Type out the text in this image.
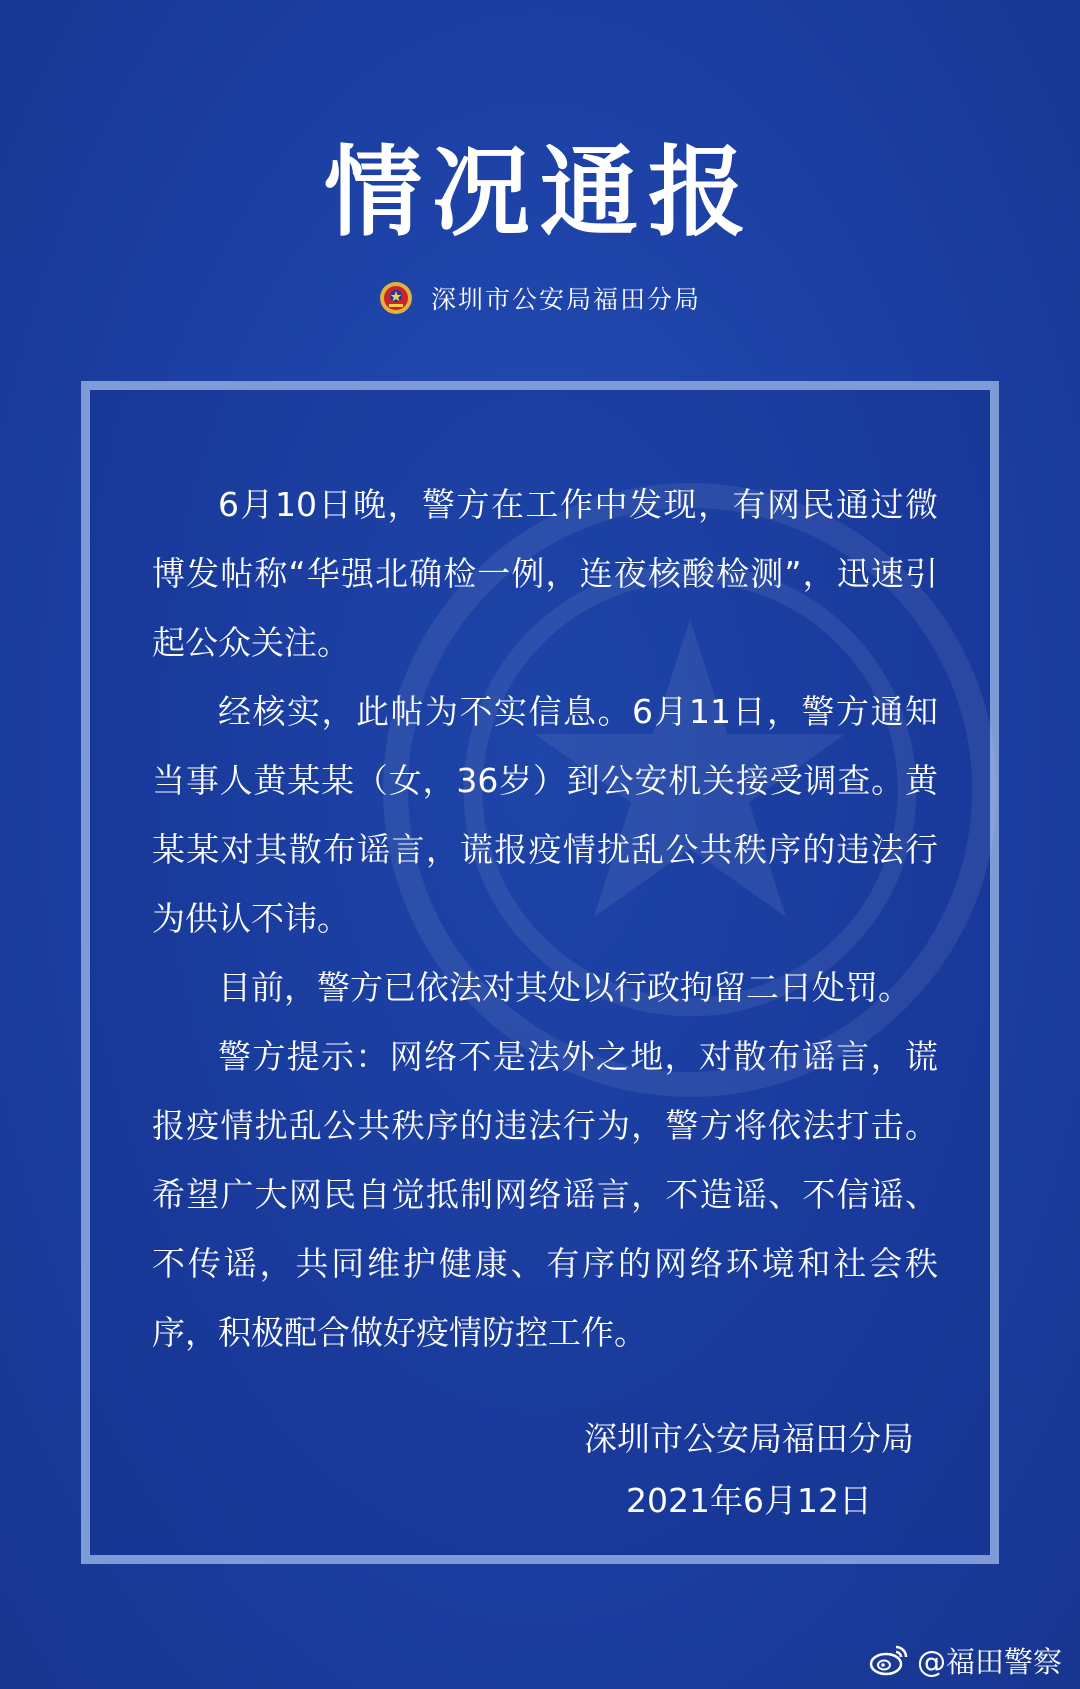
情况通报
深圳市公安局福田分局

6月10日晚，警方在工作中发现，有网民通过微博发帖称“华强北确检一例，连夜核酸检测”，迅速引起公众关注。

经核实，此帖为不实信息。6月11日，警方通知当事人黄某某（女，36岁）到公安机关接受调查。黄某某对其散布谣言，谎报疫情扰乱公共秩序的违法行为供认不讳。

目前，警方已依法对其处以行政拘留二日处罚。

警方提示：网络不是法外之地，对散布谣言，谎报疫情扰乱公共秩序的违法行为，警方将依法打击。希望广大网民自觉抵制网络谣言，不造谣、不信谣、不传谣，共同维护健康、有序的网络环境和社会秩序，积极配合做好疫情防控工作。

深圳市公安局福田分局
2021年6月12日
@福田警察
